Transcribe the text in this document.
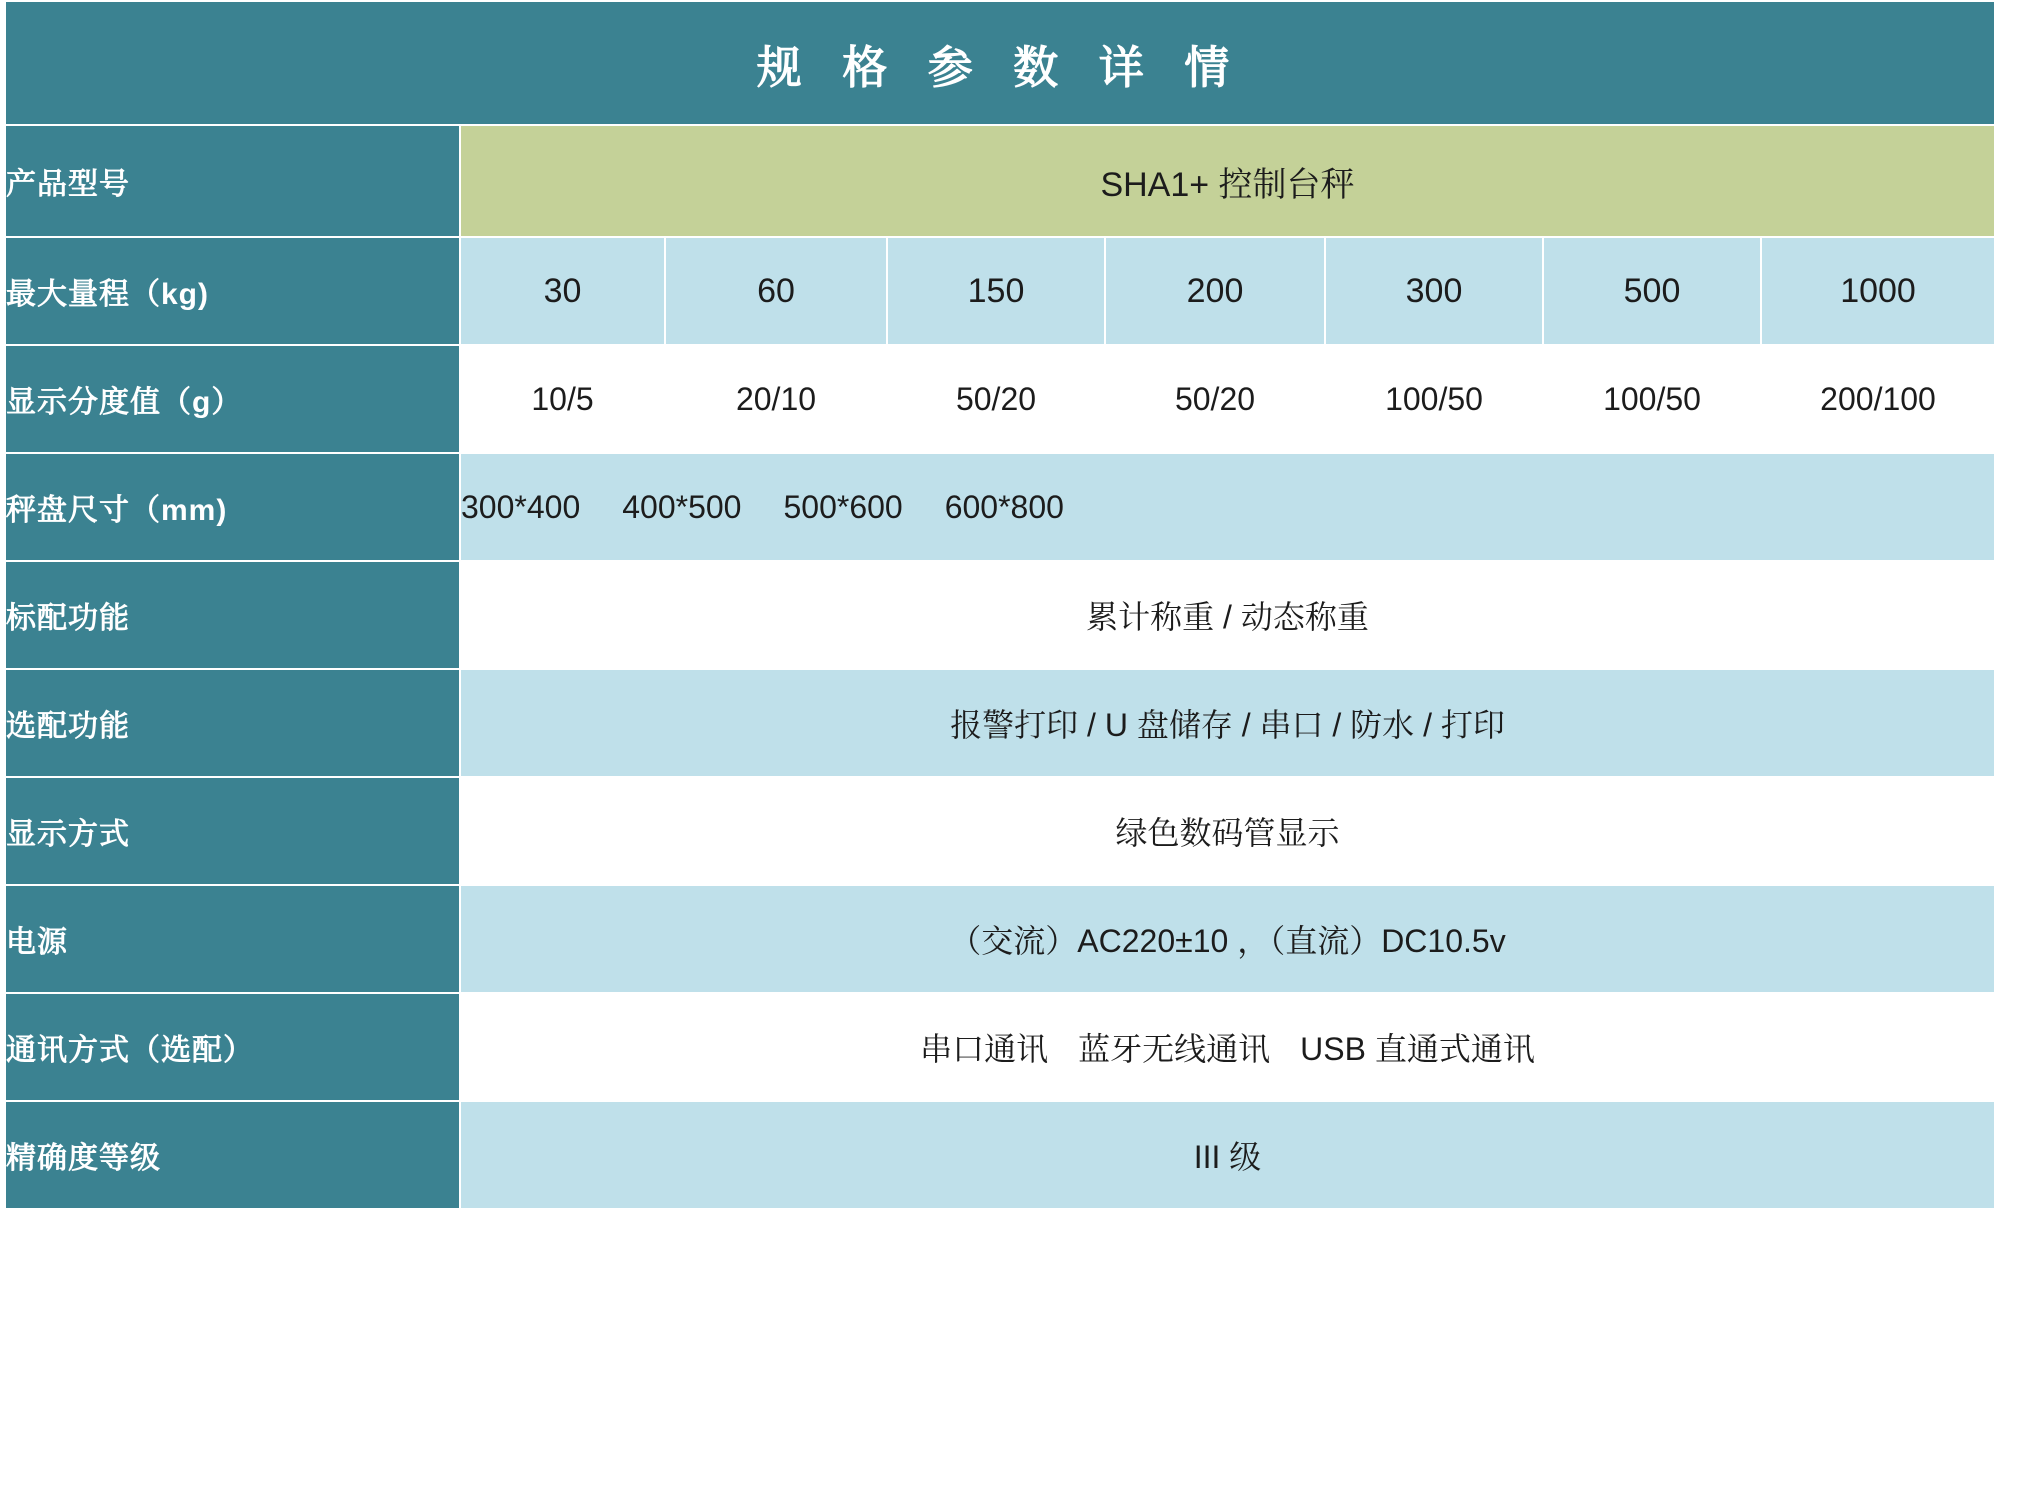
规 格 参 数 详 情							
产品型号	SHA1+ 控制台秤						
最大量程（kg)	30	60	150	200	300	500	1000
显示分度值（g）	10/5	20/10	50/20	50/20	100/50	100/50	200/100
秤盘尺寸（mm)	300*400 400*500 500*600 600*800						
标配功能	累计称重 / 动态称重						
选配功能	报警打印 / U 盘储存 / 串口 / 防水 / 打印						
显示方式	绿色数码管显示						
电源	（交流）AC220±10 ，（直流）DC10.5v						
通讯方式（选配）	串口通讯 蓝牙无线通讯 USB 直通式通讯						
精确度等级	III 级						
